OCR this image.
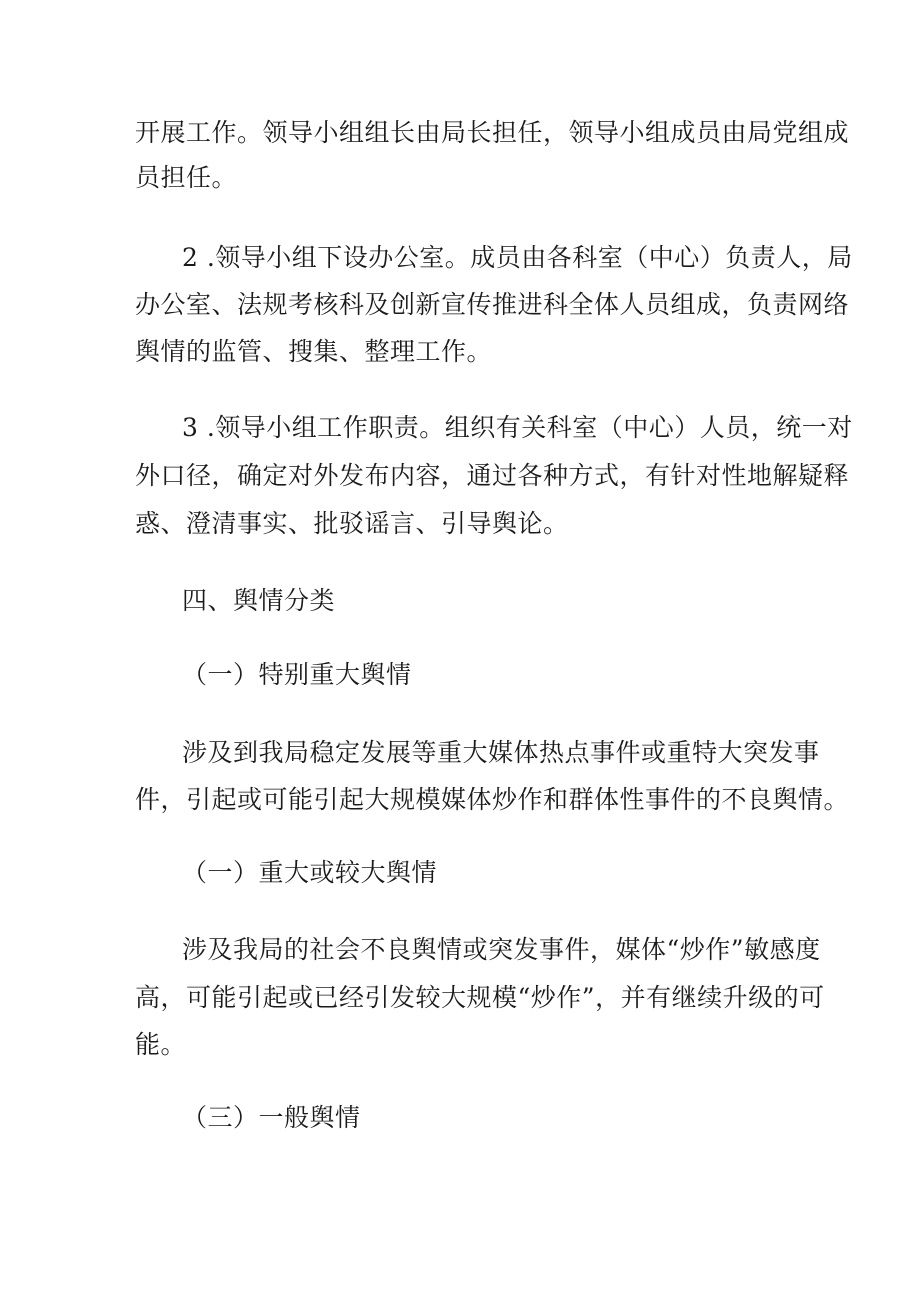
开展工作。领导小组组长由局长担任，领导小组成员由局党组成
员担任。
2 .领导小组下设办公室。成员由各科室（中心）负责人，局
办公室、法规考核科及创新宣传推进科全体人员组成，负责网络
舆情的监管、搜集、整理工作。
3 .领导小组工作职责。组织有关科室（中心）人员，统一对
外口径，确定对外发布内容，通过各种方式，有针对性地解疑释
惑、澄清事实、批驳谣言、引导舆论。
四、舆情分类
（一）特别重大舆情
涉及到我局稳定发展等重大媒体热点事件或重特大突发事
件，引起或可能引起大规模媒体炒作和群体性事件的不良舆情。
（一）重大或较大舆情
涉及我局的社会不良舆情或突发事件，媒体“炒作”敏感度
高，可能引起或已经引发较大规模“炒作”，并有继续升级的可
能。
（三）一般舆情
